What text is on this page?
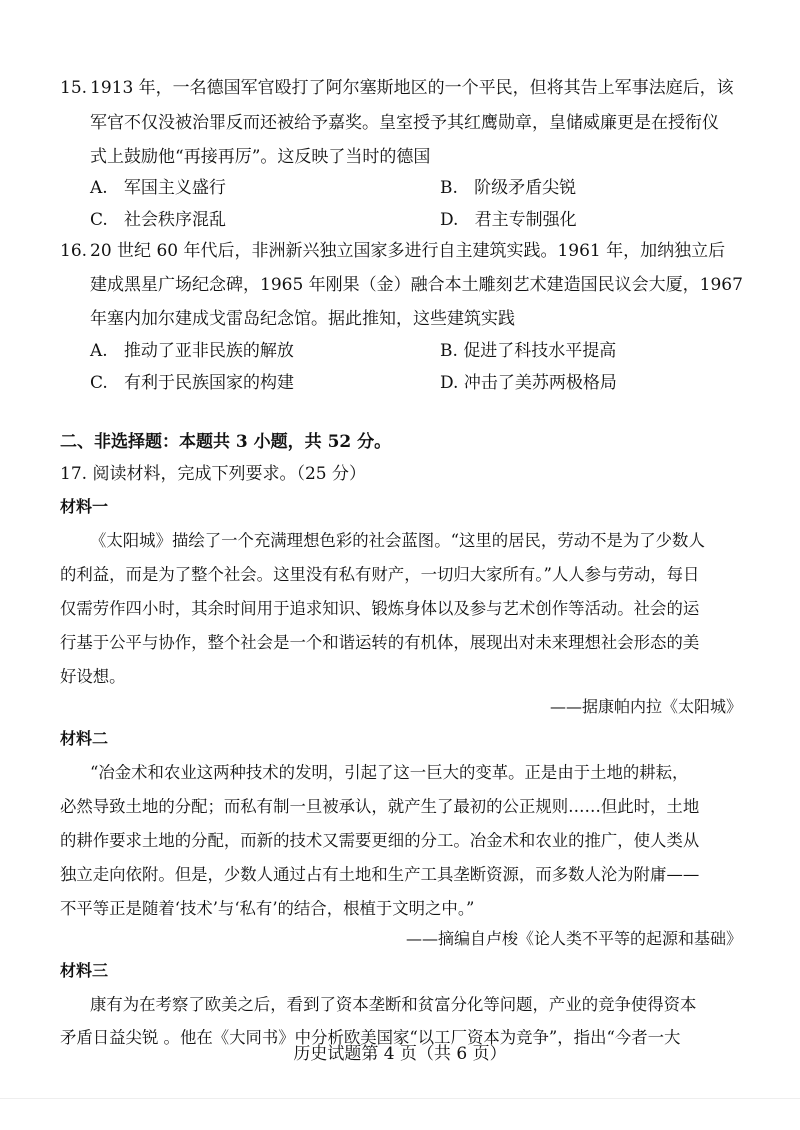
15. 1913 年，一名德国军官殴打了阿尔塞斯地区的一个平民，但将其告上军事法庭后，该
军官不仅没被治罪反而还被给予嘉奖。皇室授予其红鹰勋章，皇储威廉更是在授衔仪
式上鼓励他“再接再厉”。这反映了当时的德国
A. 军国主义盛行	B. 阶级矛盾尖锐
C. 社会秩序混乱	D. 君主专制强化
16. 20 世纪 60 年代后，非洲新兴独立国家多进行自主建筑实践。1961 年，加纳独立后
建成黑星广场纪念碑，1965 年刚果（金）融合本土雕刻艺术建造国民议会大厦，1967
年塞内加尔建成戈雷岛纪念馆。据此推知，这些建筑实践
A. 推动了亚非民族的解放	B. 促进了科技水平提高
C. 有利于民族国家的构建	D. 冲击了美苏两极格局
二、非选择题：本题共 3 小题，共 52 分。
17. 阅读材料，完成下列要求。（25 分）
材料一
《太阳城》描绘了一个充满理想色彩的社会蓝图。“这里的居民，劳动不是为了少数人
的利益，而是为了整个社会。这里没有私有财产，一切归大家所有。”人人参与劳动，每日
仅需劳作四小时，其余时间用于追求知识、锻炼身体以及参与艺术创作等活动。社会的运
行基于公平与协作，整个社会是一个和谐运转的有机体，展现出对未来理想社会形态的美
好设想。
——据康帕内拉《太阳城》
材料二
“冶金术和农业这两种技术的发明，引起了这一巨大的变革。正是由于土地的耕耘，
必然导致土地的分配；而私有制一旦被承认，就产生了最初的公正规则……但此时，土地
的耕作要求土地的分配，而新的技术又需要更细的分工。冶金术和农业的推广，使人类从
独立走向依附。但是，少数人通过占有土地和生产工具垄断资源，而多数人沦为附庸——
不平等正是随着‘技术’与‘私有’的结合，根植于文明之中。”
——摘编自卢梭《论人类不平等的起源和基础》
材料三
康有为在考察了欧美之后，看到了资本垄断和贫富分化等问题，产业的竞争使得资本
矛盾日益尖锐 。他在《大同书》中分析欧美国家“以工厂资本为竞争”，指出“今者一大
历史试题第 4 页（共 6 页）
